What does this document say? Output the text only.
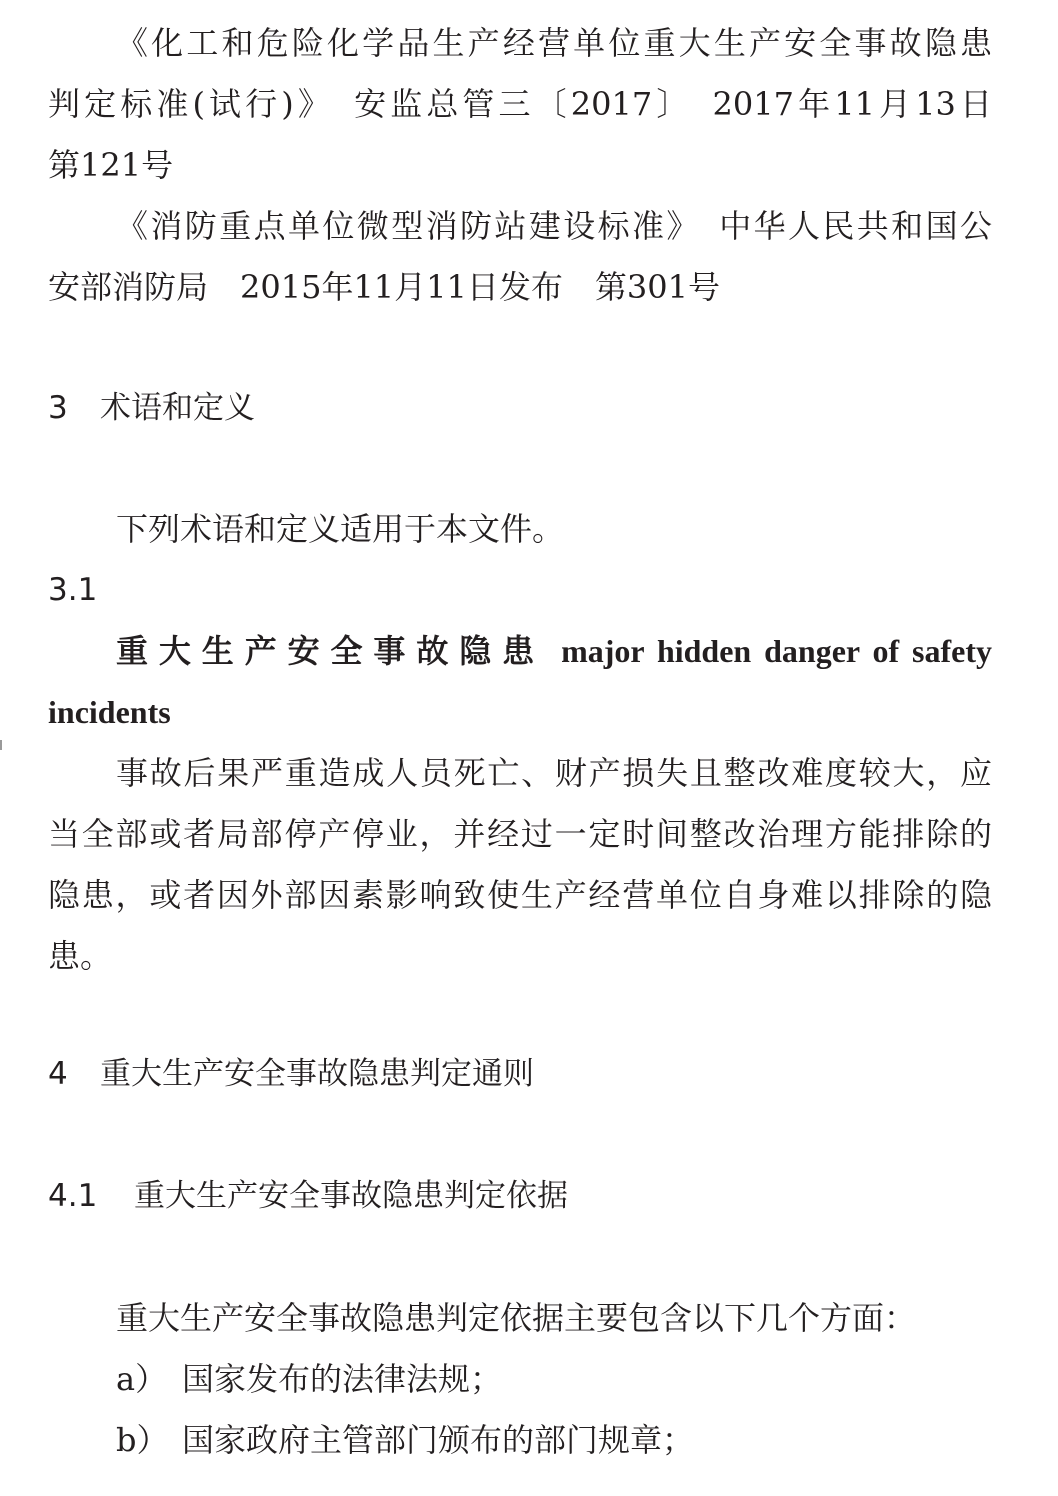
《化工和危险化学品生产经营单位重大生产安全事故隐患
判定标准(试行)》　安监总管三〔2017〕　2017年11月13日
第121号
《消防重点单位微型消防站建设标准》　中华人民共和国公
安部消防局　2015年11月11日发布　第301号
3 术语和定义
下列术语和定义适用于本文件。
3.1
重大生产安全事故隐患 major hidden danger of safety
incidents
事故后果严重造成人员死亡、财产损失且整改难度较大，应
当全部或者局部停产停业，并经过一定时间整改治理方能排除的
隐患，或者因外部因素影响致使生产经营单位自身难以排除的隐
患。
4 重大生产安全事故隐患判定通则
4.1 重大生产安全事故隐患判定依据
重大生产安全事故隐患判定依据主要包含以下几个方面：
a） 国家发布的法律法规；
b） 国家政府主管部门颁布的部门规章；
